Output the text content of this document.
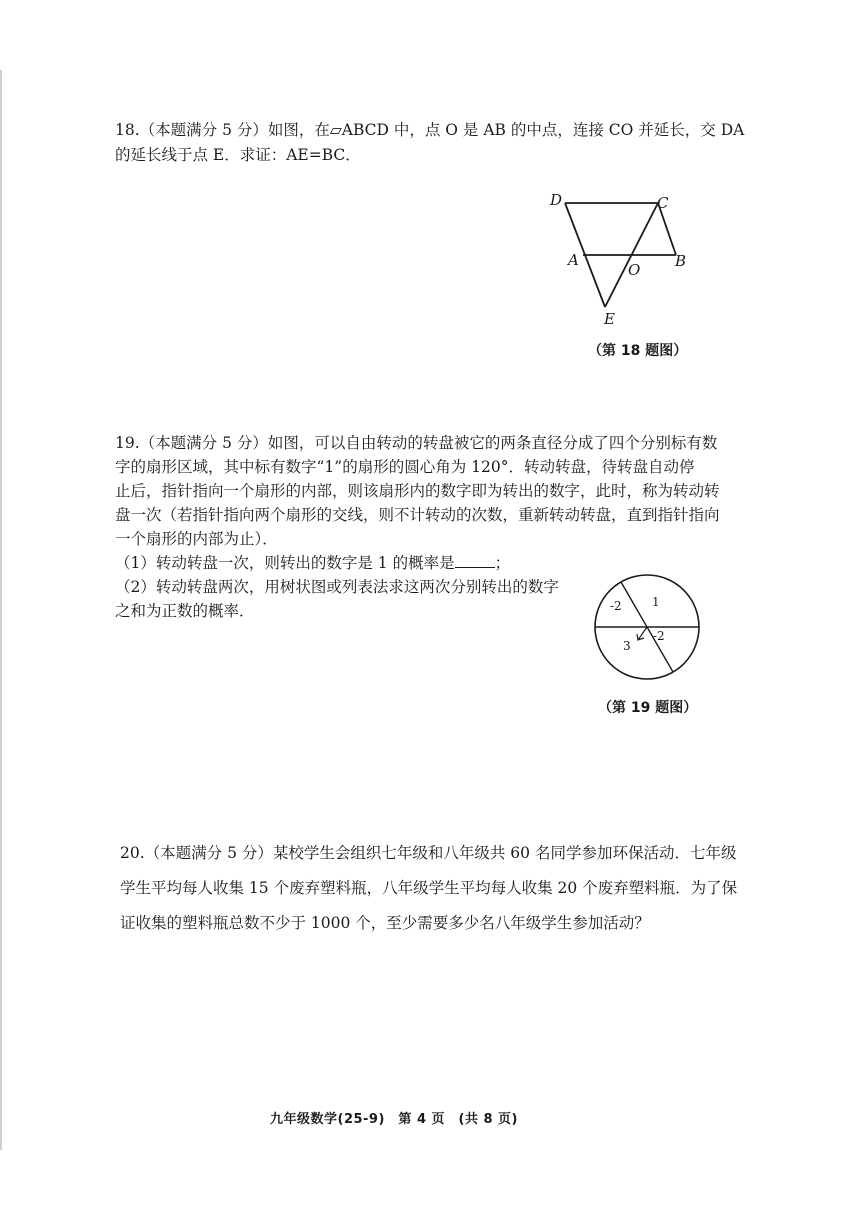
18.（本题满分 5 分）如图，在▱ABCD 中，点 O 是 AB 的中点，连接 CO 并延长，交 DA
的延长线于点 E．求证：AE=BC．
D	C
A
O B
E
（第 18 题图）
19.（本题满分 5 分）如图，可以自由转动的转盘被它的两条直径分成了四个分别标有数
字的扇形区域，其中标有数字“1”的扇形的圆心角为 120°．转动转盘，待转盘自动停
止后，指针指向一个扇形的内部，则该扇形内的数字即为转出的数字，此时，称为转动转
盘一次（若指针指向两个扇形的交线，则不计转动的次数，重新转动转盘，直到指针指向
一个扇形的内部为止）．
（1）转动转盘一次，则转出的数字是 1 的概率是	；
（2）转动转盘两次，用树状图或列表法求这两次分别转出的数字
之和为正数的概率．	-2	1
3
-2
（第 19 题图）
20.（本题满分 5 分）某校学生会组织七年级和八年级共 60 名同学参加环保活动．七年级
学生平均每人收集 15 个废弃塑料瓶，八年级学生平均每人收集 20 个废弃塑料瓶．为了保
证收集的塑料瓶总数不少于 1000 个，至少需要多少名八年级学生参加活动？
九年级数学(25-9)　第 4 页　(共 8 页)
